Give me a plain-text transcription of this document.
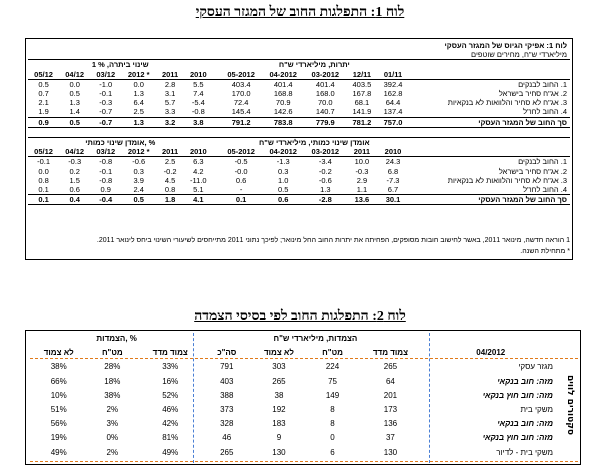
לוח 1: התפלגות החוב של המגזר העסקי
												לוח 1: אפיקי הגיוס של המגזר העסקי
												מיליארדי ש"ח, מחירים שוטפים
שינוי ביתרה, % 1							יתרות, מיליארדי ש"ח					
05/12	04/12	03/12	2012 *	2011	2010		05-2012	04-2012	03-2012	12/11	01/11	
0.5	0.0	-1.0	0.0	2.8	5.5		403.4	401.4	401.4	403.5	392.4	1. החוב לבנקים
0.7	0.5	-0.1	1.3	3.1	7.4		170.0	168.8	168.0	167.8	162.8	2. אג"ח סחיר בישראל
2.1	1.3	-0.3	6.4	5.7	-5.4		72.4	70.9	70.0	68.1	64.4	3. אג"ח לא סחיר והלוואות לא בנקאיות
1.9	1.4	-0.7	2.5	3.3	-0.8		145.4	142.6	140.7	141.9	137.4	4. החוב לחו"ל
0.9	0.5	-0.7	1.3	3.2	3.8		791.2	783.8	779.9	781.2	757.0	סך החוב של המגזר העסקי

אומדן שינוי כמותי, %							אומדן שינוי כמותי, מיליארדי ש"ח					
05/12	04/12	03/12	2012 *	2011	2010		05-2012	04-2012	03-2012	2011	2010	
-0.1	-0.3	-0.8	-0.6	2.5	6.3		-0.5	-1.3	-3.4	10.0	24.3	1. החוב לבנקים
0.0	0.2	-0.1	0.3	-0.2	4.2		-0.0	0.3	-0.2	-0.3	6.8	2. אג"ח סחיר בישראל
0.8	1.5	-0.8	3.9	4.5	-11.0		0.6	1.0	-0.6	2.9	-7.3	3. אג"ח לא סחיר והלוואות לא בנקאיות
0.1	0.6	0.9	2.4	0.8	5.1		-	0.5	1.3	1.1	6.7	4. החוב לחו"ל
0.1	0.4	-0.4	0.5	1.8	4.1		0.1	0.6	-2.8	13.6	30.1	סך החוב של המגזר העסקי
1 הוראה חדשה, מינואר 2011, באשר לחישוב חובות מסופקים, הפחיתה את יתרות החוב החל מינואר; לפיכך נתוני 2011 מתייחסים לשיעורי השינוי ביחס לינואר 2011.
* מתחילת השנה.
לוח 2: התפלגות החוב לפי בסיסי הצמדה
הצמדות, %			הצמדות, מיליארדי ש"ח				
לא צמוד	מט"ח	צמוד מדד	סה"כ	לא צמוד	מט"ח	צמוד מדד	04/2012
38%	28%	33%	791	303	224	265	מגזר עסקי
66%	18%	16%	403	265	75	64	מזה: חוב בנקאי
10%	38%	52%	388	38	149	201	מזה: חוב חוץ בנקאי
51%	2%	46%	373	192	8	173	משקי בית
56%	3%	42%	328	183	8	136	מזה: חוב בנקאי
19%	0%	81%	46	9	0	37	מזה: חוב חוץ בנקאי
49%	2%	49%	265	130	6	130	משקי בית - לדיור
סקטורים לווים
